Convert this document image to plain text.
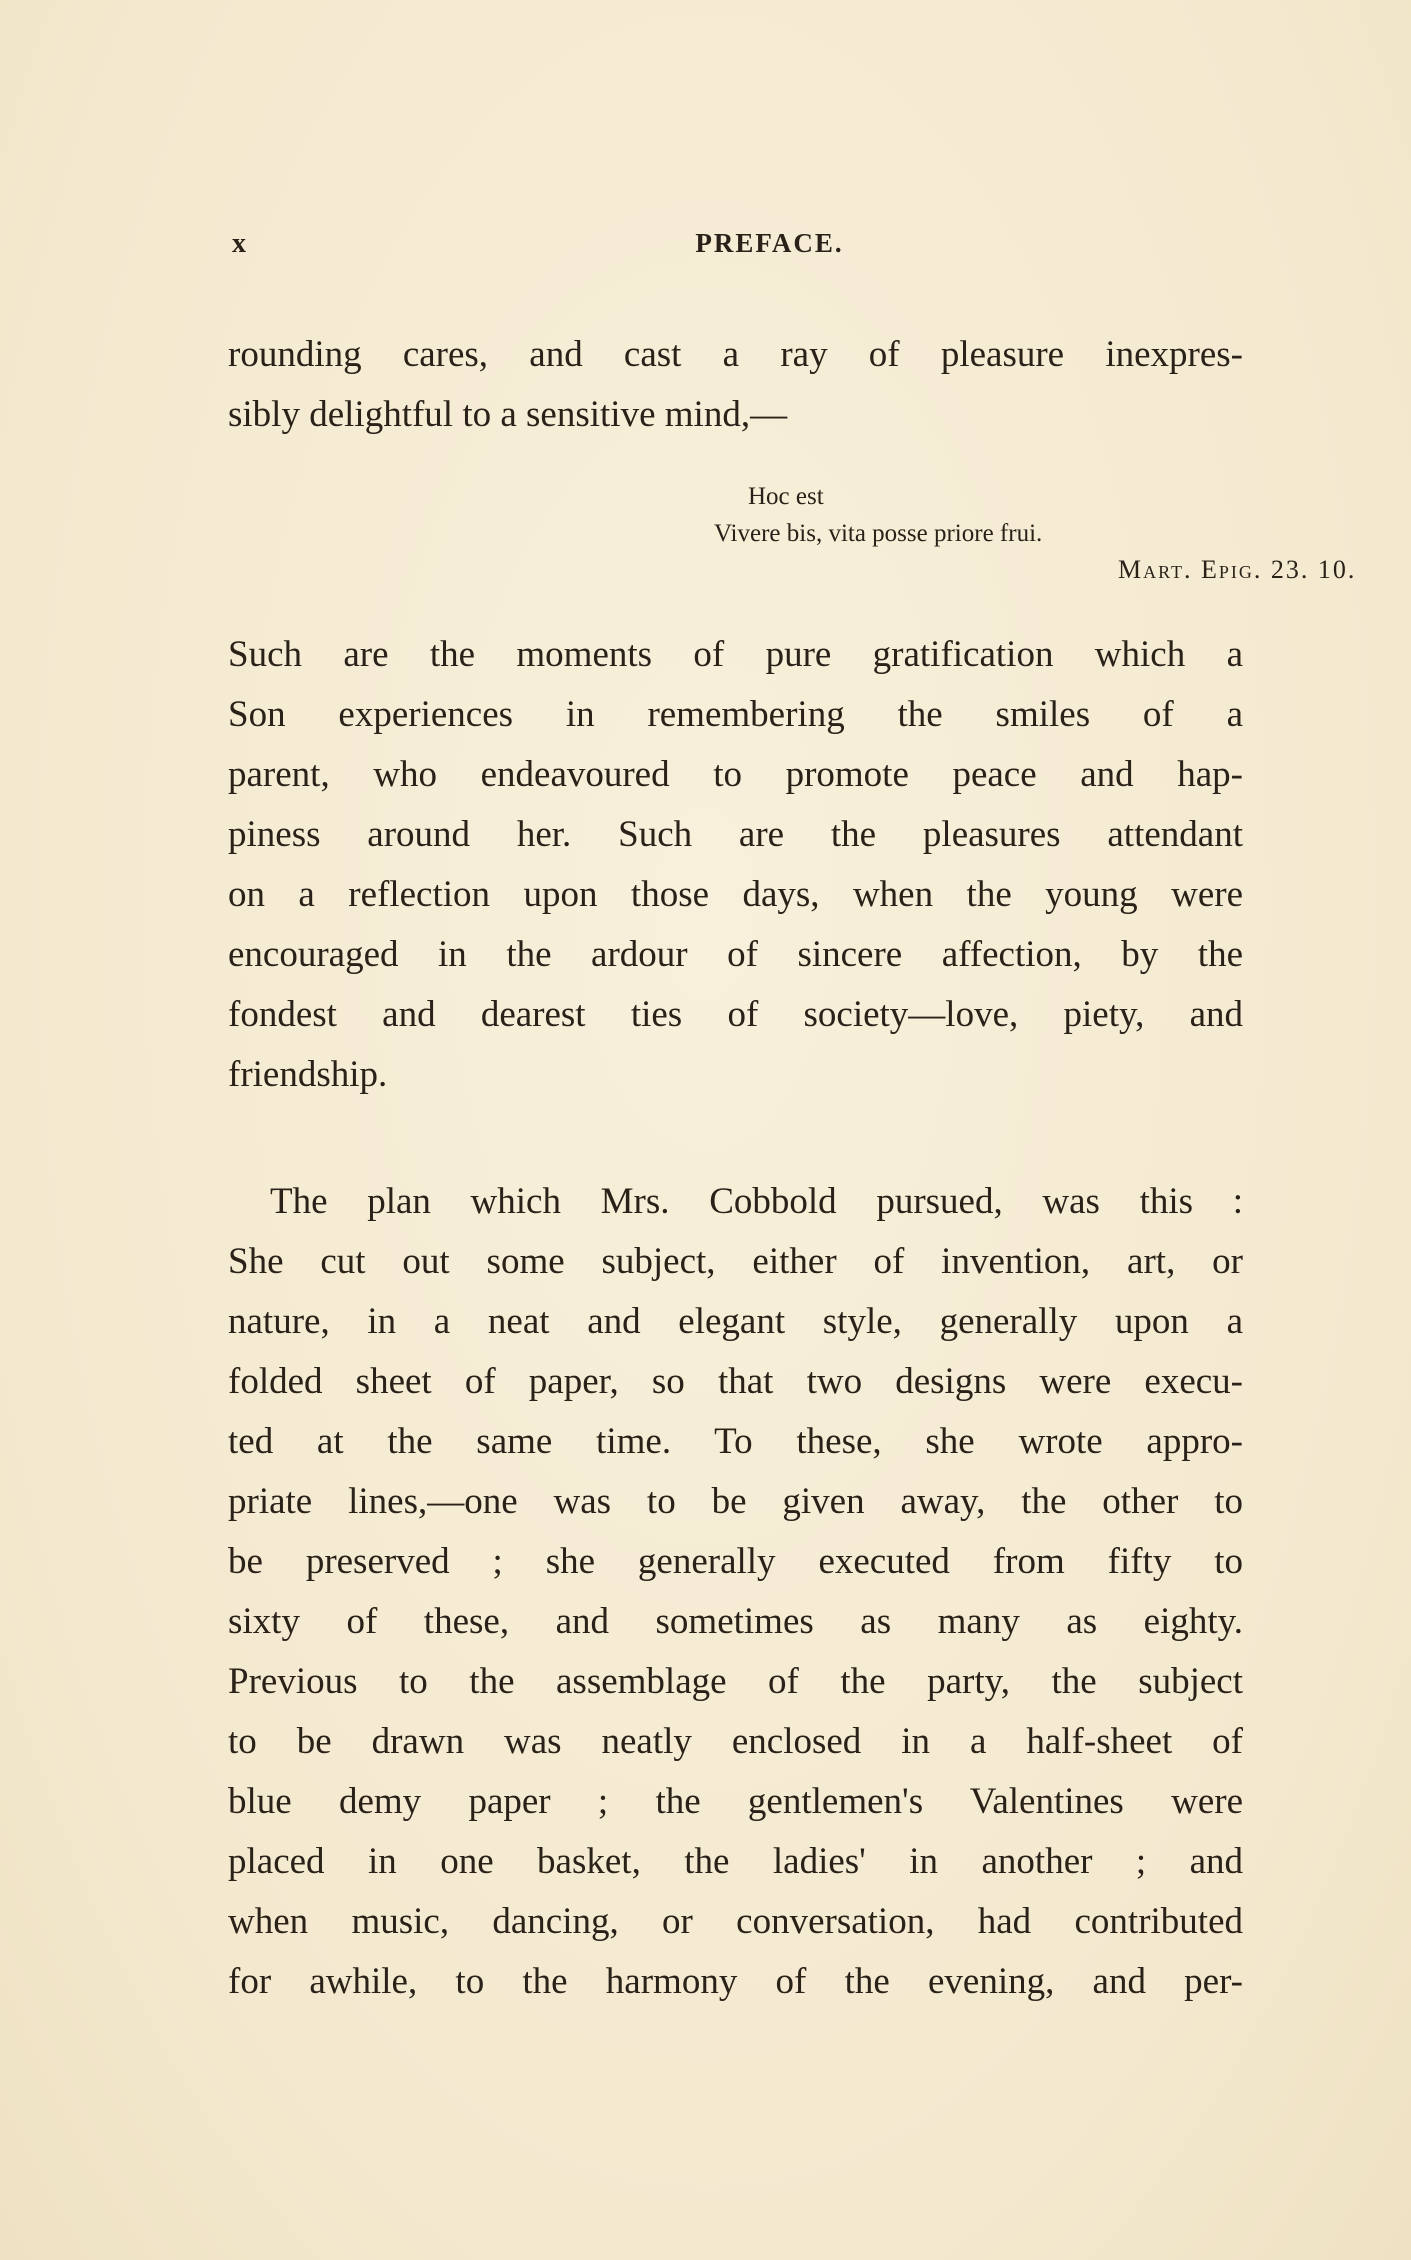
x	PREFACE.
rounding cares, and cast a ray of pleasure inexpres-
sibly delightful to a sensitive mind,—
Hoc est
Vivere bis, vita posse priore frui.
Mart. Epig. 23. 10.
Such are the moments of pure gratification which a
Son experiences in remembering the smiles of a
parent, who endeavoured to promote peace and hap-
piness around her. Such are the pleasures attendant
on a reflection upon those days, when the young were
encouraged in the ardour of sincere affection, by the
fondest and dearest ties of society—love, piety, and
friendship.
The plan which Mrs. Cobbold pursued, was this :
She cut out some subject, either of invention, art, or
nature, in a neat and elegant style, generally upon a
folded sheet of paper, so that two designs were execu-
ted at the same time. To these, she wrote appro-
priate lines,—one was to be given away, the other to
be preserved ; she generally executed from fifty to
sixty of these, and sometimes as many as eighty.
Previous to the assemblage of the party, the subject
to be drawn was neatly enclosed in a half-sheet of
blue demy paper ; the gentlemen's Valentines were
placed in one basket, the ladies' in another ; and
when music, dancing, or conversation, had contributed
for awhile, to the harmony of the evening, and per-
